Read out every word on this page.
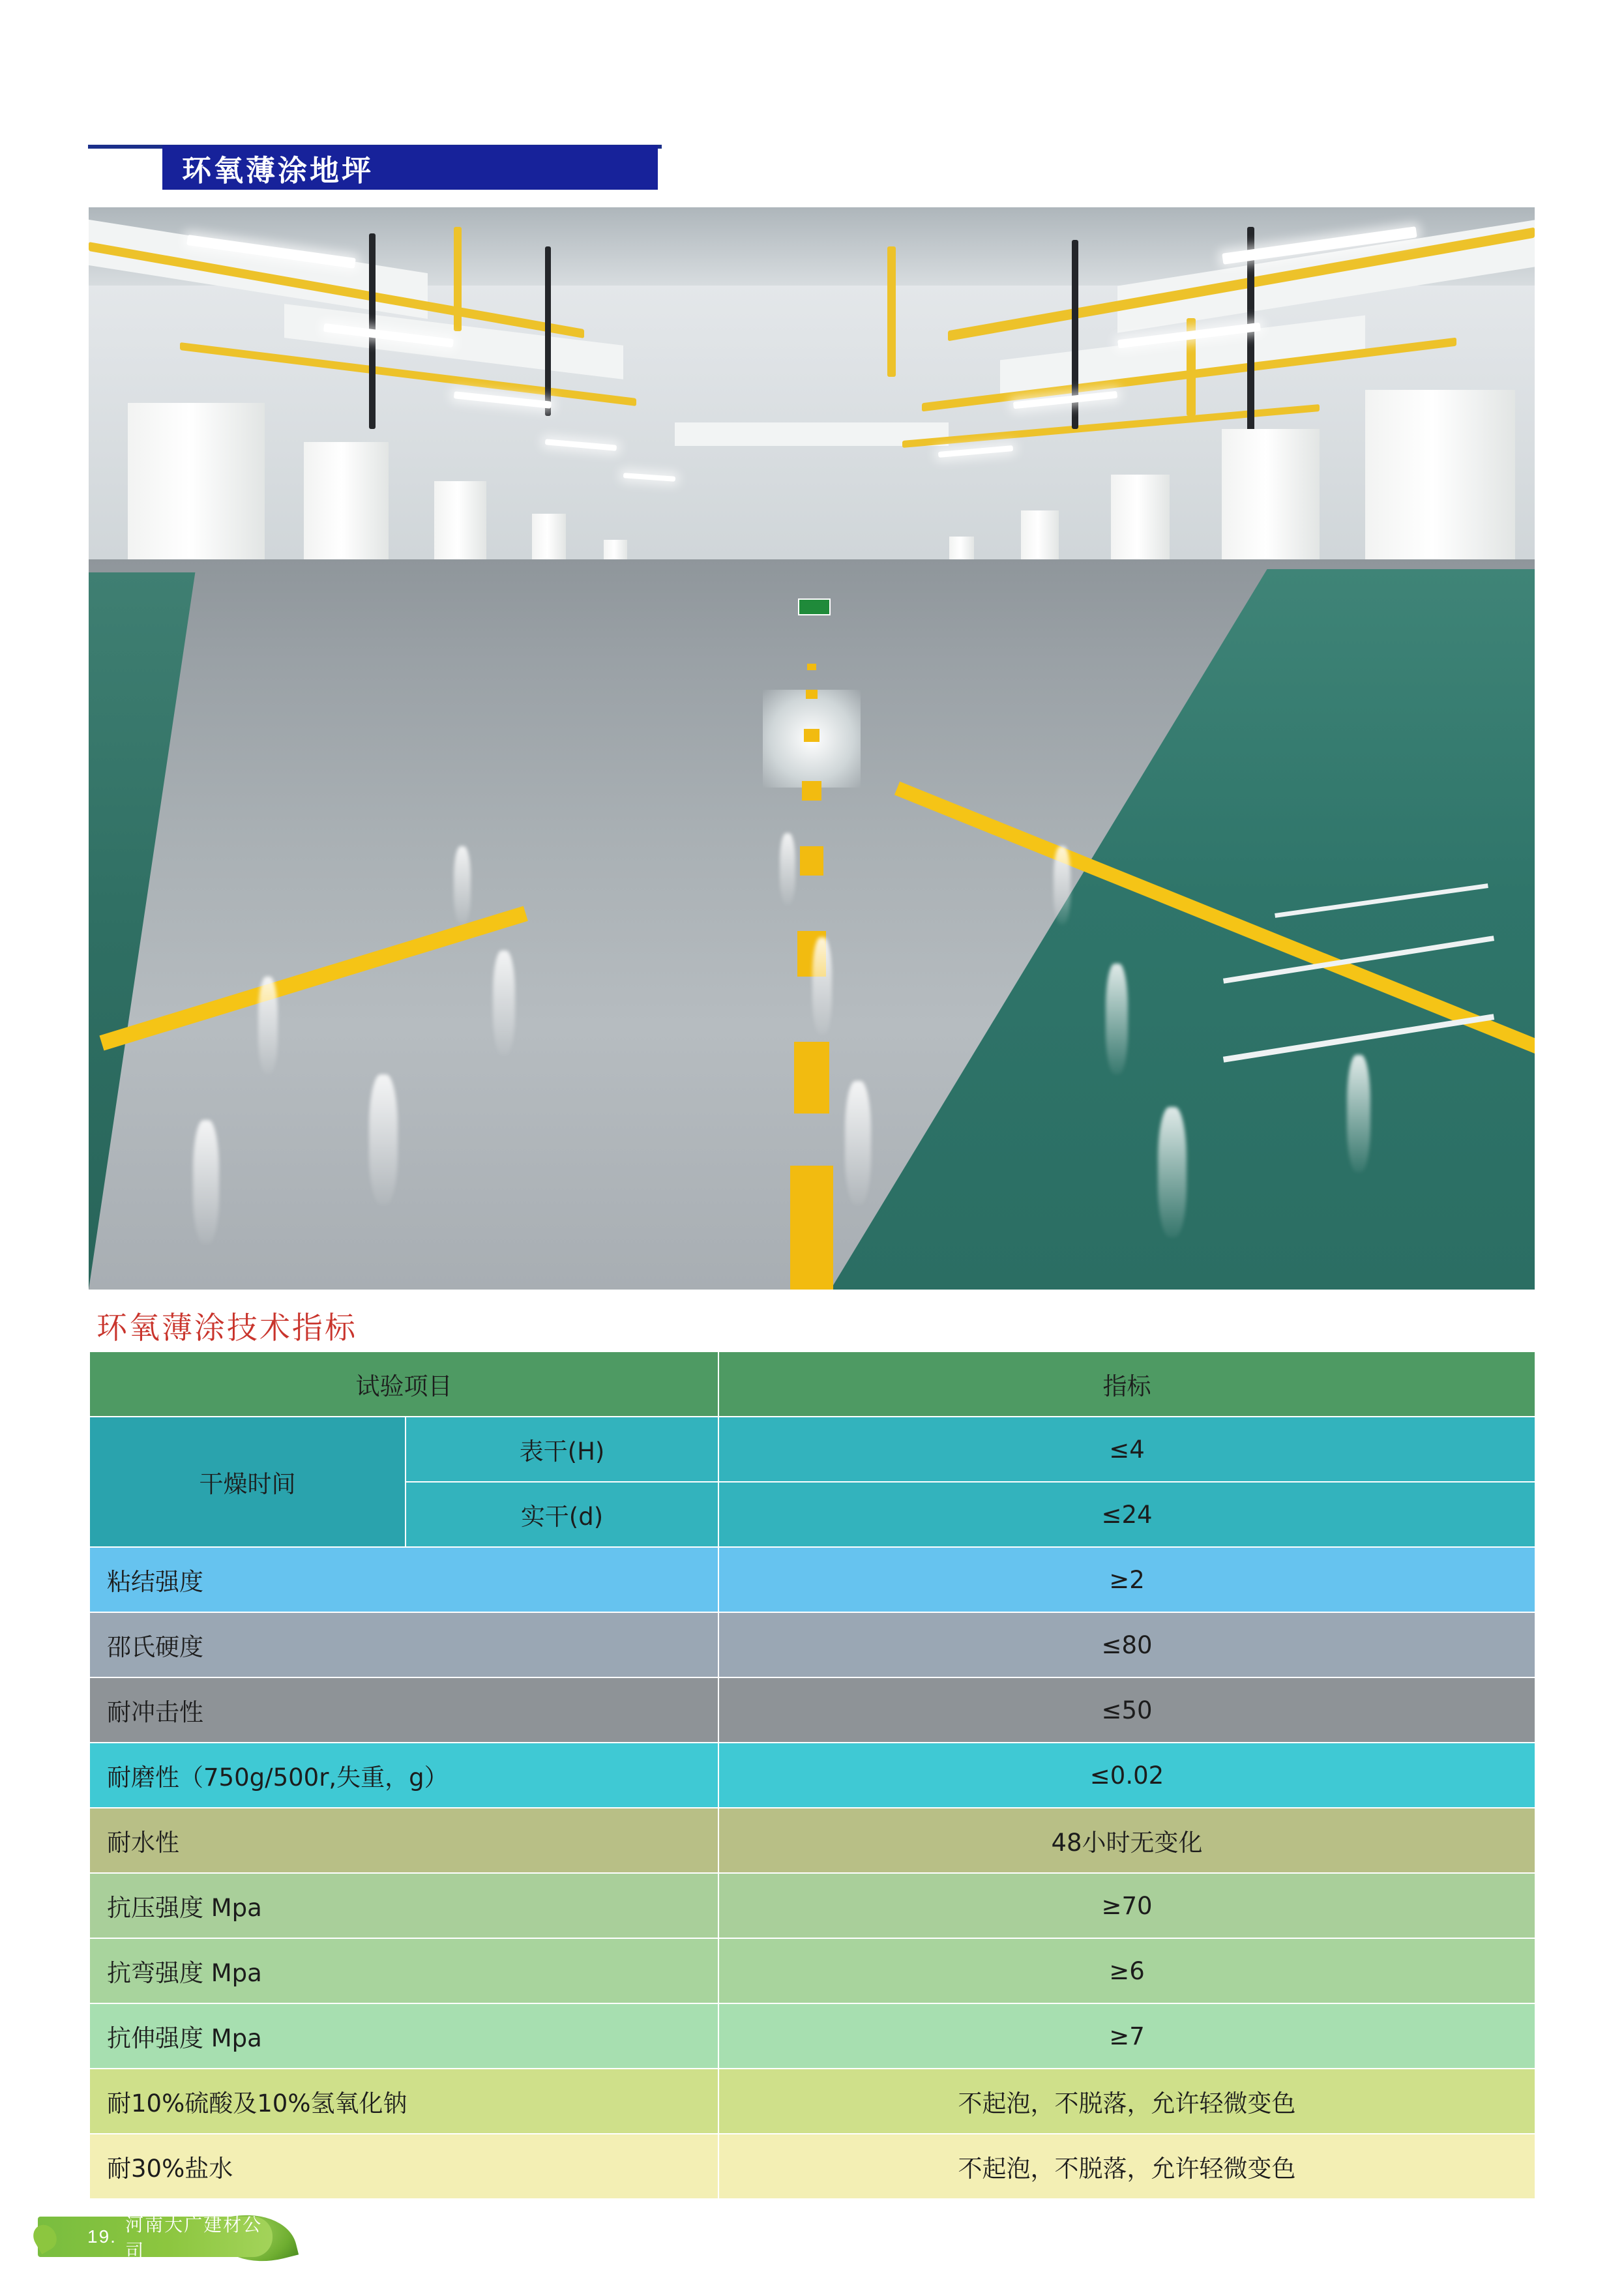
环氧薄涂地坪
环氧薄涂技术指标
试验项目		指标
干燥时间	表干(H)	≤4
	实干(d)	≤24
粘结强度		≥2
邵氏硬度		≤80
耐冲击性		≤50
耐磨性（750g/500r,失重，g）		≤0.02
耐水性		48小时无变化
抗压强度 Mpa		≥70
抗弯强度 Mpa		≥6
抗伸强度 Mpa		≥7
耐10%硫酸及10%氢氧化钠		不起泡，不脱落，允许轻微变色
耐30%盐水		不起泡，不脱落，允许轻微变色
19.
河南大广建材公司
